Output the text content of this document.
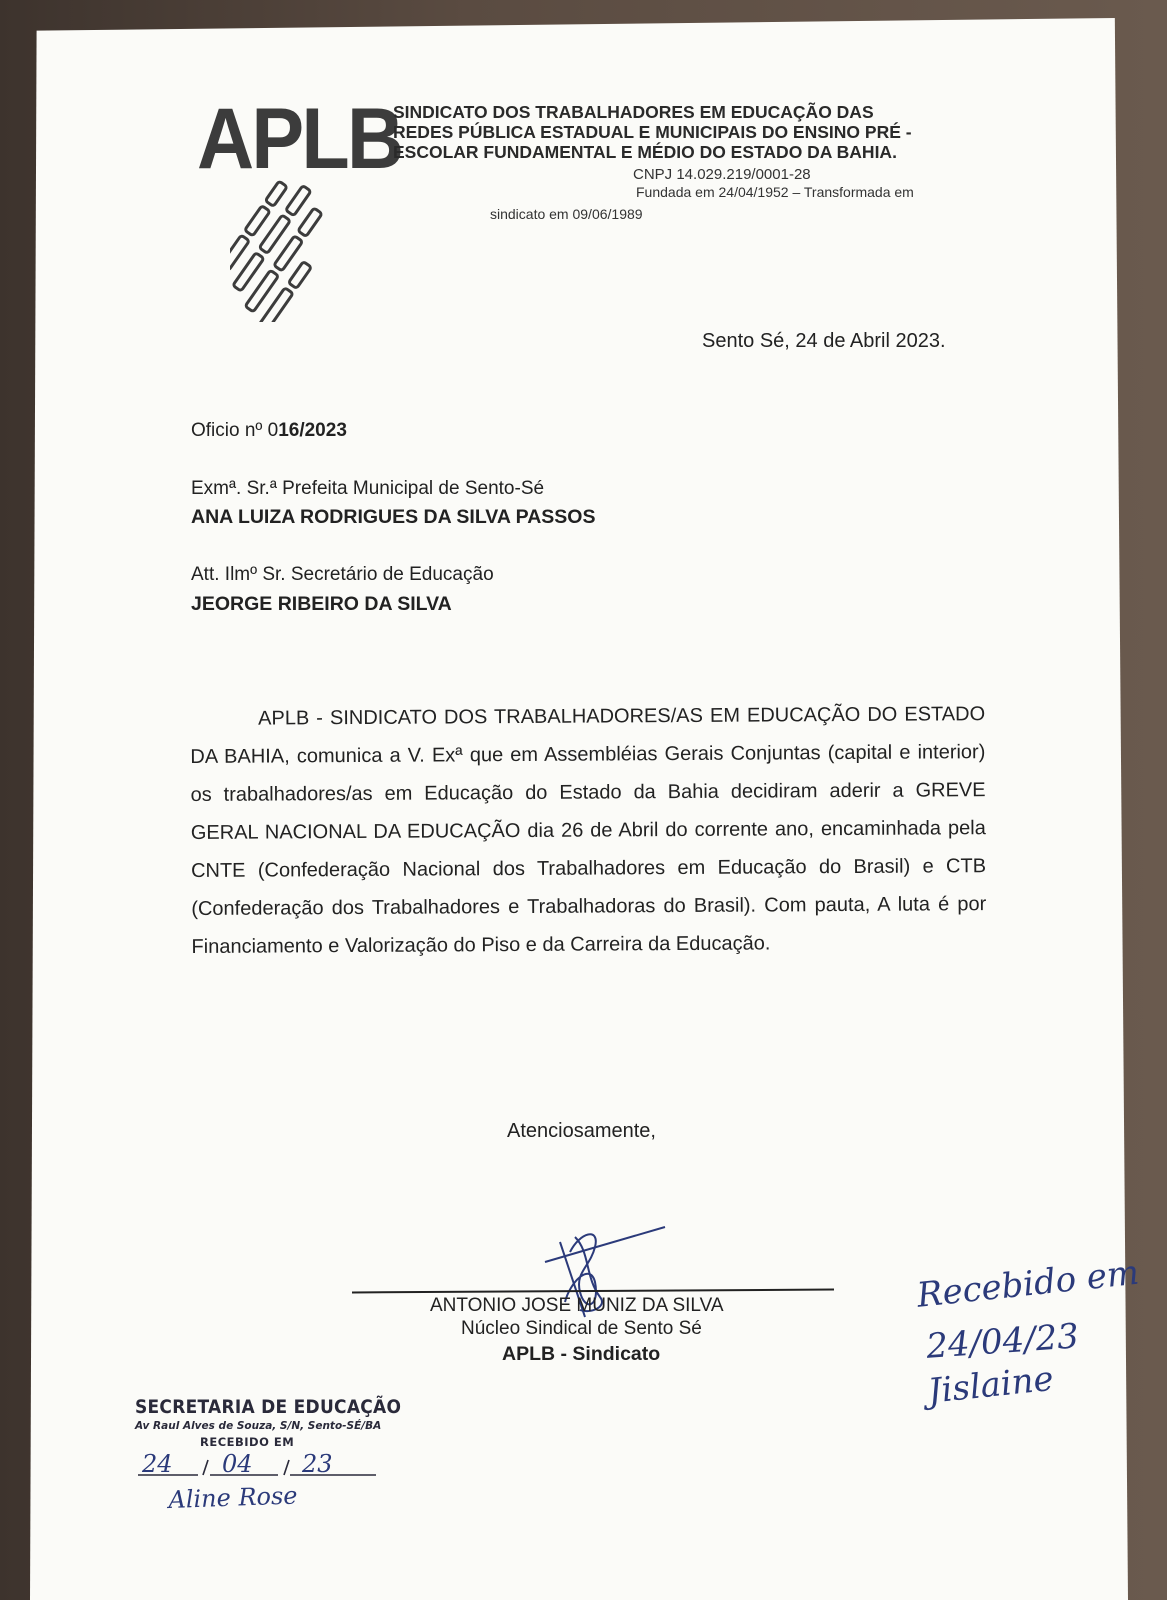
APLB
SINDICATO DOS TRABALHADORES EM EDUCAÇÃO DAS
REDES PÚBLICA ESTADUAL E MUNICIPAIS DO ENSINO PRÉ -
ESCOLAR FUNDAMENTAL E MÉDIO DO ESTADO DA BAHIA.
CNPJ 14.029.219/0001-28
Fundada em 24/04/1952 – Transformada em
sindicato em 09/06/1989
Sento Sé, 24 de Abril 2023.
Oficio nº 016/2023
Exmª. Sr.ª Prefeita Municipal de Sento-Sé
ANA LUIZA RODRIGUES DA SILVA PASSOS
Att. Ilmº Sr. Secretário de Educação
JEORGE RIBEIRO DA SILVA
APLB - SINDICATO DOS TRABALHADORES/AS EM EDUCAÇÃO DO ESTADO DA BAHIA, comunica a V. Exª que em Assembléias Gerais Conjuntas (capital e interior) os trabalhadores/as em Educação do Estado da Bahia decidiram aderir a GREVE GERAL NACIONAL DA EDUCAÇÃO dia 26 de Abril do corrente ano, encaminhada pela CNTE (Confederação Nacional dos Trabalhadores em Educação do Brasil) e CTB (Confederação dos Trabalhadores e Trabalhadoras do Brasil). Com pauta, A luta é por Financiamento e Valorização do Piso e da Carreira da Educação.
Atenciosamente,
ANTONIO JOSE MUNIZ DA SILVA
Núcleo Sindical de Sento Sé
APLB - Sindicato
Recebido em
24/04/23
Jislaine
SECRETARIA DE EDUCAÇÃO
Av Raul Alves de Souza, S/N, Sento-SÉ/BA
RECEBIDO EM
24 04 23
Aline Rose
